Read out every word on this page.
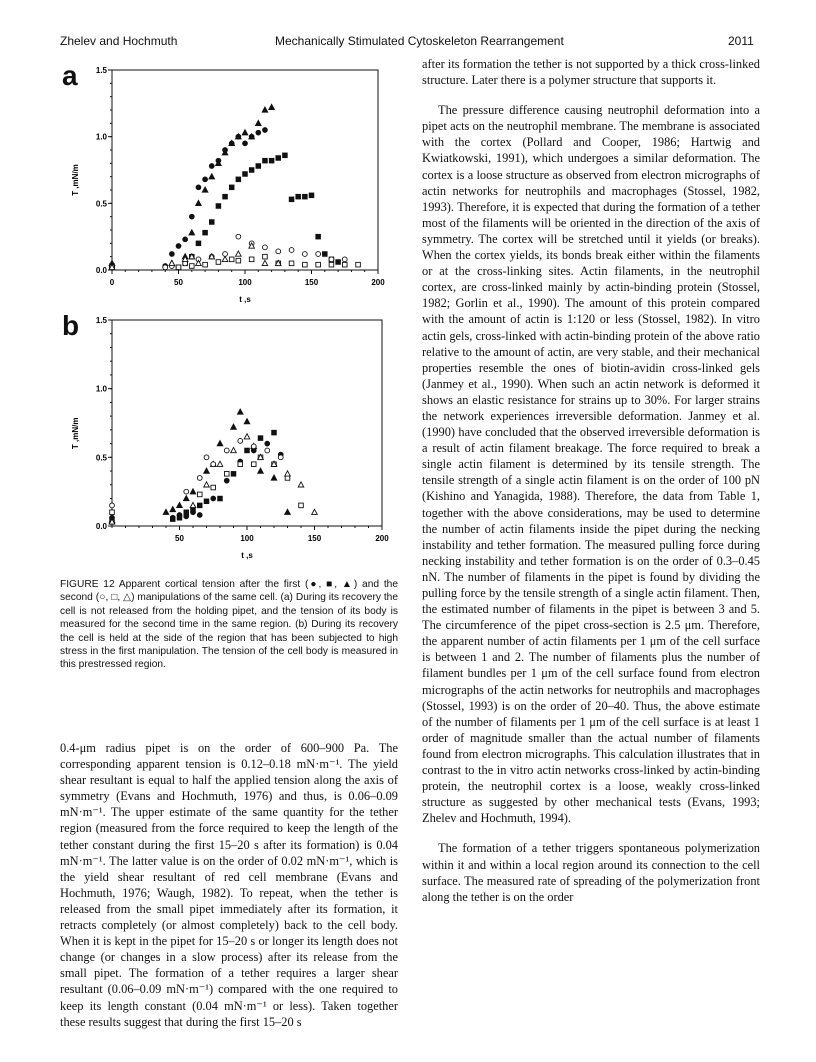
Zhelev and Hochmuth	Mechanically Stimulated Cytoskeleton Rearrangement	2011
a
0	50	100	150	200
0.0
0.5
1.0
1.5
t ,s
T ,mN/m
b
50	100	150	200
0.0
0.5
1.0
1.5
t ,s
T ,mN/m
FIGURE 12 Apparent cortical tension after the first (●, ■, ▲) and the second (○, □, △) manipulations of the same cell. (a) During its recovery the cell is not released from the holding pipet, and the tension of its body is measured for the second time in the same region. (b) During its recovery the cell is held at the side of the region that has been subjected to high stress in the first manipulation. The tension of the cell body is measured in this prestressed region.

0.4-μm radius pipet is on the order of 600–900 Pa. The corresponding apparent tension is 0.12–0.18 mN·m⁻¹. The yield shear resultant is equal to half the applied tension along the axis of symmetry (Evans and Hochmuth, 1976) and thus, is 0.06–0.09 mN·m⁻¹. The upper estimate of the same quantity for the tether region (measured from the force required to keep the length of the tether constant during the first 15–20 s after its formation) is 0.04 mN·m⁻¹. The latter value is on the order of 0.02 mN·m⁻¹, which is the yield shear resultant of red cell membrane (Evans and Hochmuth, 1976; Waugh, 1982). To repeat, when the tether is released from the small pipet immediately after its formation, it retracts completely (or almost completely) back to the cell body. When it is kept in the pipet for 15–20 s or longer its length does not change (or changes in a slow process) after its release from the small pipet. The formation of a tether requires a larger shear resultant (0.06–0.09 mN·m⁻¹) compared with the one required to keep its length constant (0.04 mN·m⁻¹ or less). Taken together these results suggest that during the first 15–20 s

after its formation the tether is not supported by a thick cross-linked structure. Later there is a polymer structure that supports it.

The pressure difference causing neutrophil deformation into a pipet acts on the neutrophil membrane. The membrane is associated with the cortex (Pollard and Cooper, 1986; Hartwig and Kwiatkowski, 1991), which undergoes a similar deformation. The cortex is a loose structure as observed from electron micrographs of actin networks for neutrophils and macrophages (Stossel, 1982, 1993). Therefore, it is expected that during the formation of a tether most of the filaments will be oriented in the direction of the axis of symmetry. The cortex will be stretched until it yields (or breaks). When the cortex yields, its bonds break either within the filaments or at the cross-linking sites. Actin filaments, in the neutrophil cortex, are cross-linked mainly by actin-binding protein (Stossel, 1982; Gorlin et al., 1990). The amount of this protein compared with the amount of actin is 1:120 or less (Stossel, 1982). In vitro actin gels, cross-linked with actin-binding protein of the above ratio relative to the amount of actin, are very stable, and their mechanical properties resemble the ones of biotin-avidin cross-linked gels (Janmey et al., 1990). When such an actin network is deformed it shows an elastic resistance for strains up to 30%. For larger strains the network experiences irreversible deformation. Janmey et al. (1990) have concluded that the observed irreversible deformation is a result of actin filament breakage. The force required to break a single actin filament is determined by its tensile strength. The tensile strength of a single actin filament is on the order of 100 pN (Kishino and Yanagida, 1988). Therefore, the data from Table 1, together with the above considerations, may be used to determine the number of actin filaments inside the pipet during the necking instability and tether formation. The measured pulling force during necking instability and tether formation is on the order of 0.3–0.45 nN. The number of filaments in the pipet is found by dividing the pulling force by the tensile strength of a single actin filament. Then, the estimated number of filaments in the pipet is between 3 and 5. The circumference of the pipet cross-section is 2.5 μm. Therefore, the apparent number of actin filaments per 1 μm of the cell surface is between 1 and 2. The number of filaments plus the number of filament bundles per 1 μm of the cell surface found from electron micrographs of the actin networks for neutrophils and macrophages (Stossel, 1993) is on the order of 20–40. Thus, the above estimate of the number of filaments per 1 μm of the cell surface is at least 1 order of magnitude smaller than the actual number of filaments found from electron micrographs. This calculation illustrates that in contrast to the in vitro actin networks cross-linked by actin-binding protein, the neutrophil cortex is a loose, weakly cross-linked structure as suggested by other mechanical tests (Evans, 1993; Zhelev and Hochmuth, 1994).

The formation of a tether triggers spontaneous polymerization within it and within a local region around its connection to the cell surface. The measured rate of spreading of the polymerization front along the tether is on the order
